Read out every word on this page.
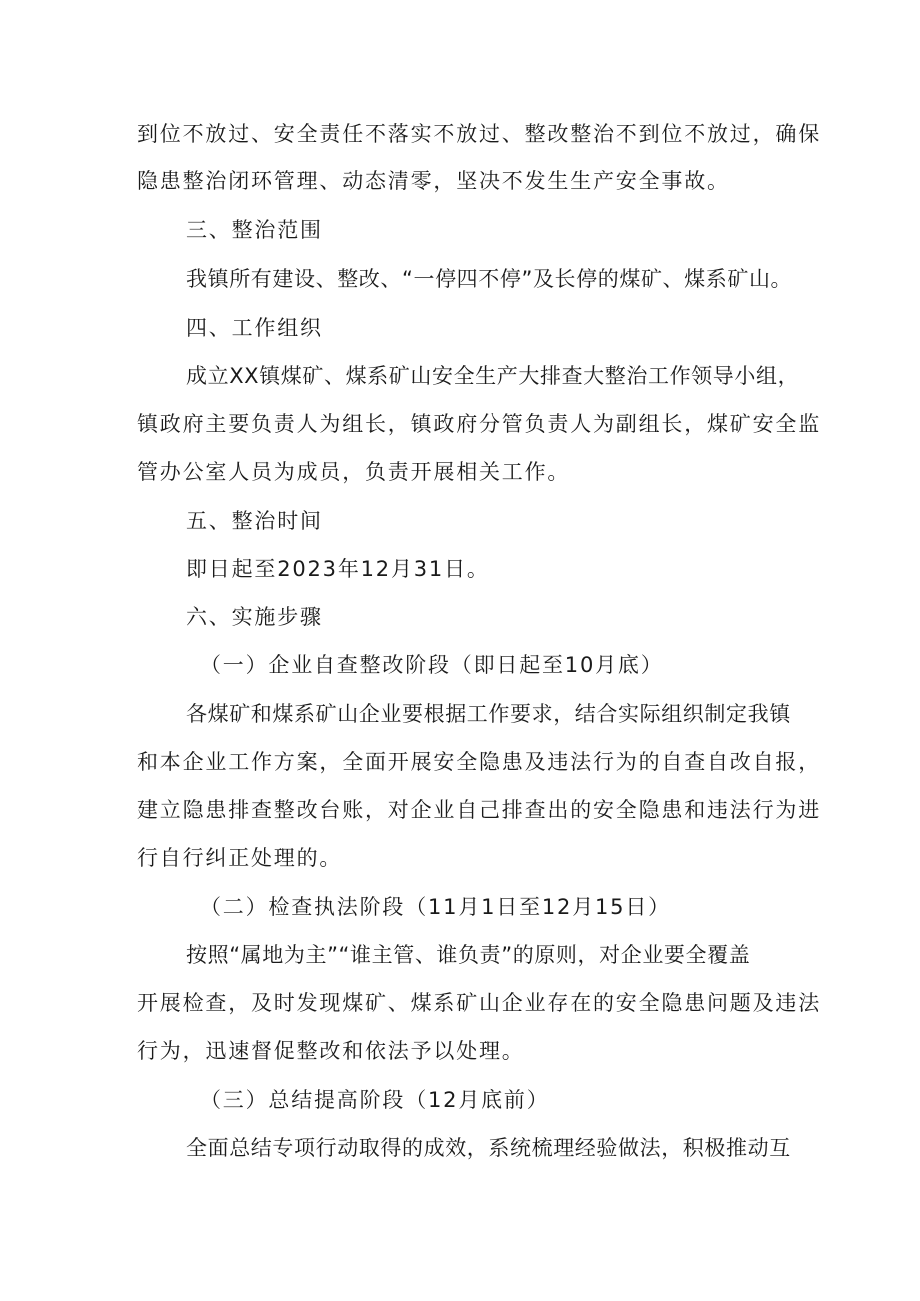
到位不放过、安全责任不落实不放过、整改整治不到位不放过，确保
隐患整治闭环管理、动态清零，坚决不发生生产安全事故。
三、整治范围
我镇所有建设、整改、“一停四不停”及长停的煤矿、煤系矿山。
四、工作组织
成立XX镇煤矿、煤系矿山安全生产大排查大整治工作领导小组，
镇政府主要负责人为组长，镇政府分管负责人为副组长，煤矿安全监
管办公室人员为成员，负责开展相关工作。
五、整治时间
即日起至2023年12月31日。
六、实施步骤
（一）企业自查整改阶段（即日起至10月底）
各煤矿和煤系矿山企业要根据工作要求，结合实际组织制定我镇
和本企业工作方案，全面开展安全隐患及违法行为的自查自改自报，
建立隐患排查整改台账，对企业自己排查出的安全隐患和违法行为进
行自行纠正处理的。
（二）检查执法阶段（11月1日至12月15日）
按照“属地为主”“谁主管、谁负责”的原则，对企业要全覆盖
开展检查，及时发现煤矿、煤系矿山企业存在的安全隐患问题及违法
行为，迅速督促整改和依法予以处理。
（三）总结提高阶段（12月底前）
全面总结专项行动取得的成效，系统梳理经验做法，积极推动互
